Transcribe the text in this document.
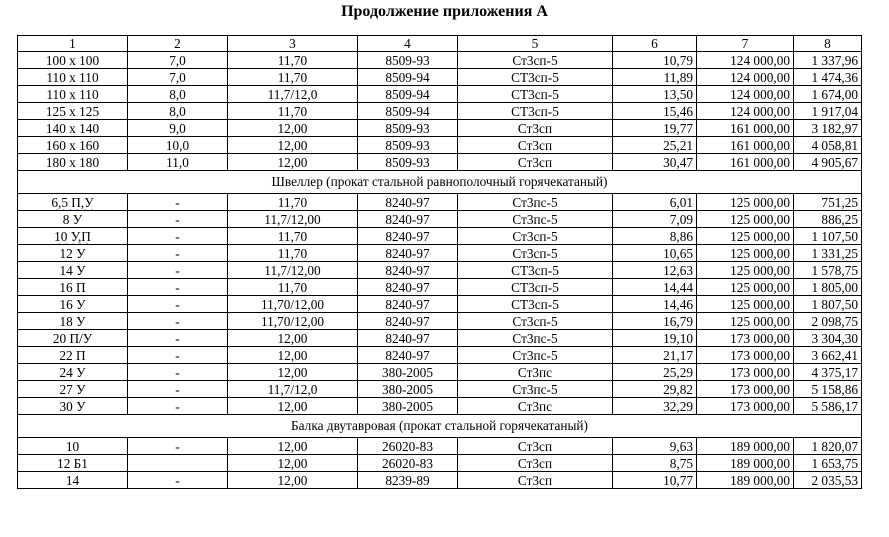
Продолжение приложения А
1	2	3	4	5	6	7	8
100 х 100	7,0	11,70	8509-93	Ст3сп-5	10,79	124 000,00	1 337,96
110 х 110	7,0	11,70	8509-94	СТ3сп-5	11,89	124 000,00	1 474,36
110 х 110	8,0	11,7/12,0	8509-94	СТ3сп-5	13,50	124 000,00	1 674,00
125 х 125	8,0	11,70	8509-94	СТ3сп-5	15,46	124 000,00	1 917,04
140 х 140	9,0	12,00	8509-93	Ст3сп	19,77	161 000,00	3 182,97
160 х 160	10,0	12,00	8509-93	Ст3сп	25,21	161 000,00	4 058,81
180 х 180	11,0	12,00	8509-93	Ст3сп	30,47	161 000,00	4 905,67
Швеллер (прокат стальной равнополочный горячекатаный)							
6,5 П,У	-	11,70	8240-97	Ст3пс-5	6,01	125 000,00	751,25
8 У	-	11,7/12,00	8240-97	Ст3пс-5	7,09	125 000,00	886,25
10 У,П	-	11,70	8240-97	Ст3сп-5	8,86	125 000,00	1 107,50
12 У	-	11,70	8240-97	Ст3сп-5	10,65	125 000,00	1 331,25
14 У	-	11,7/12,00	8240-97	СТ3сп-5	12,63	125 000,00	1 578,75
16 П	-	11,70	8240-97	СТ3сп-5	14,44	125 000,00	1 805,00
16 У	-	11,70/12,00	8240-97	СТ3сп-5	14,46	125 000,00	1 807,50
18 У	-	11,70/12,00	8240-97	Ст3сп-5	16,79	125 000,00	2 098,75
20 П/У	-	12,00	8240-97	Ст3пс-5	19,10	173 000,00	3 304,30
22 П	-	12,00	8240-97	Ст3пс-5	21,17	173 000,00	3 662,41
24 У	-	12,00	380-2005	Ст3пс	25,29	173 000,00	4 375,17
27 У	-	11,7/12,0	380-2005	Ст3пс-5	29,82	173 000,00	5 158,86
30 У	-	12,00	380-2005	Ст3пс	32,29	173 000,00	5 586,17
Балка двутавровая (прокат стальной горячекатаный)							
10	-	12,00	26020-83	Ст3сп	9,63	189 000,00	1 820,07
12 Б1		12,00	26020-83	Ст3сп	8,75	189 000,00	1 653,75
14	-	12,00	8239-89	Ст3сп	10,77	189 000,00	2 035,53
